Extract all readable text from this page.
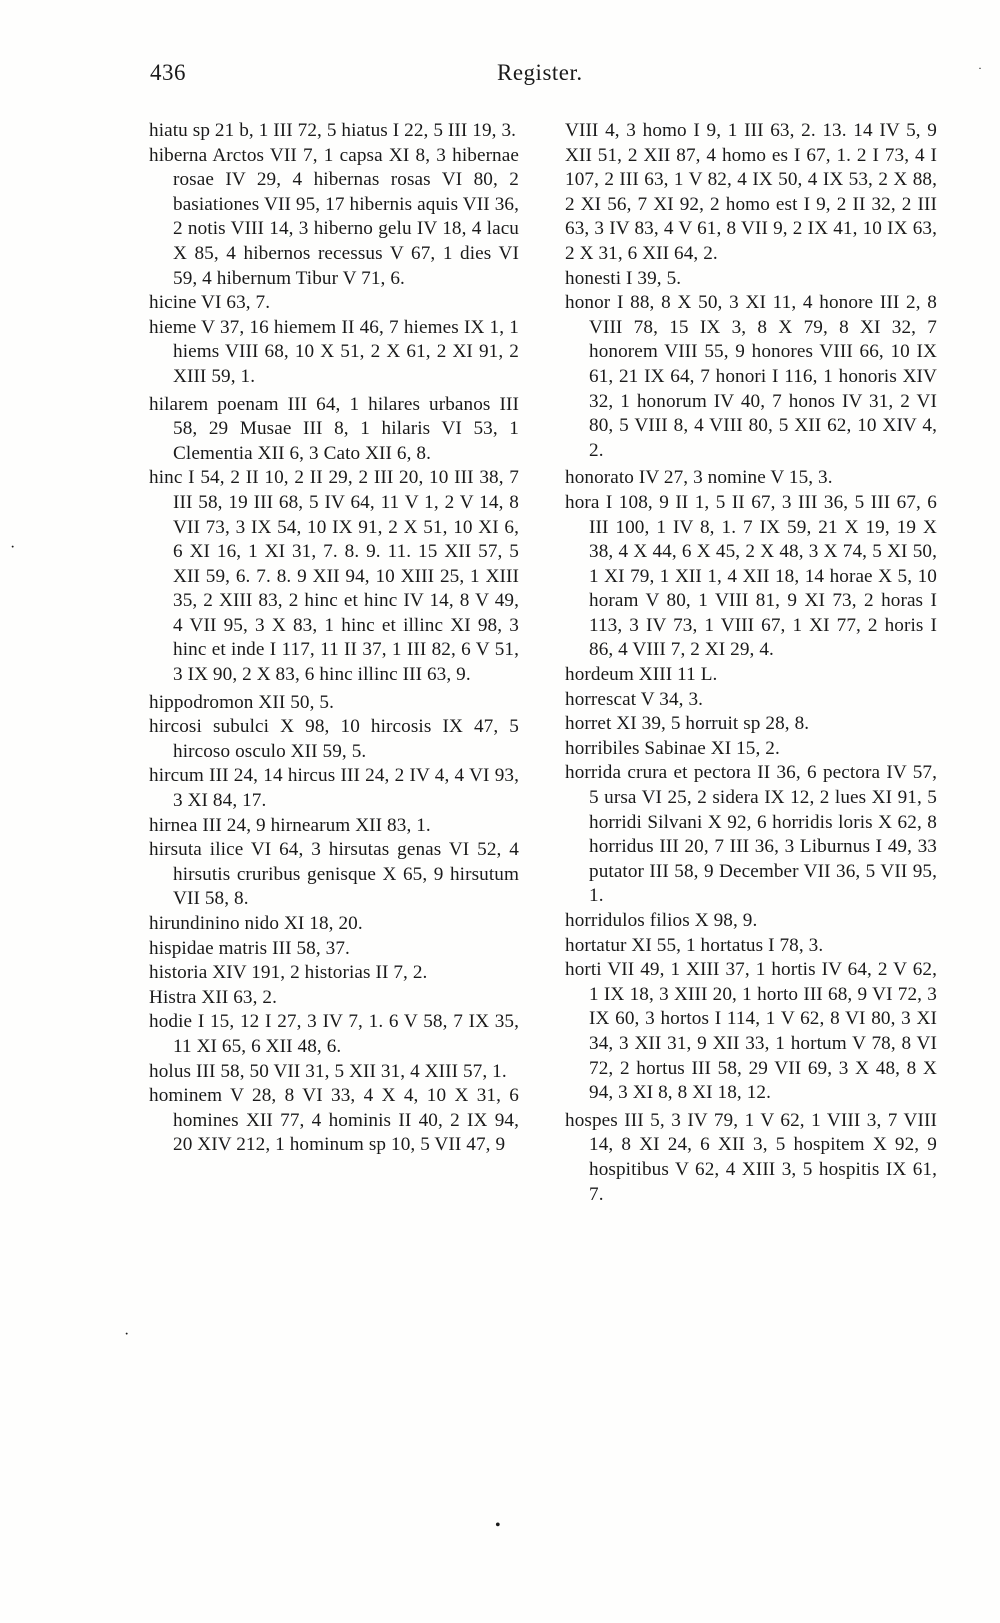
436	Register.
·
·
·

hiatu sp 21 b, 1 III 72, 5 hiatus I 22, 5 III 19, 3.

hiberna Arctos VII 7, 1 capsa XI 8, 3 hibernae rosae IV 29, 4 hibernas rosas VI 80, 2 basiationes VII 95, 17 hibernis aquis VII 36, 2 notis VIII 14, 3 hiberno gelu IV 18, 4 lacu X 85, 4 hibernos recessus V 67, 1 dies VI 59, 4 hibernum Tibur V 71, 6.

hicine VI 63, 7.

hieme V 37, 16 hiemem II 46, 7 hiemes IX 1, 1 hiems VIII 68, 10 X 51, 2 X 61, 2 XI 91, 2 XIII 59, 1.

hilarem poenam III 64, 1 hilares urbanos III 58, 29 Musae III 8, 1 hilaris VI 53, 1 Clementia XII 6, 3 Cato XII 6, 8.

hinc I 54, 2 II 10, 2 II 29, 2 III 20, 10 III 38, 7 III 58, 19 III 68, 5 IV 64, 11 V 1, 2 V 14, 8 VII 73, 3 IX 54, 10 IX 91, 2 X 51, 10 XI 6, 6 XI 16, 1 XI 31, 7. 8. 9. 11. 15 XII 57, 5 XII 59, 6. 7. 8. 9 XII 94, 10 XIII 25, 1 XIII 35, 2 XIII 83, 2 hinc et hinc IV 14, 8 V 49, 4 VII 95, 3 X 83, 1 hinc et illinc XI 98, 3 hinc et inde I 117, 11 II 37, 1 III 82, 6 V 51, 3 IX 90, 2 X 83, 6 hinc illinc III 63, 9.

hippodromon XII 50, 5.

hircosi subulci X 98, 10 hircosis IX 47, 5 hircoso osculo XII 59, 5.

hircum III 24, 14 hircus III 24, 2 IV 4, 4 VI 93, 3 XI 84, 17.

hirnea III 24, 9 hirnearum XII 83, 1.

hirsuta ilice VI 64, 3 hirsutas genas VI 52, 4 hirsutis cruribus genisque X 65, 9 hirsutum VII 58, 8.

hirundinino nido XI 18, 20.

hispidae matris III 58, 37.

historia XIV 191, 2 historias II 7, 2.

Histra XII 63, 2.

hodie I 15, 12 I 27, 3 IV 7, 1. 6 V 58, 7 IX 35, 11 XI 65, 6 XII 48, 6.

holus III 58, 50 VII 31, 5 XII 31, 4 XIII 57, 1.

hominem V 28, 8 VI 33, 4 X 4, 10 X 31, 6 homines XII 77, 4 hominis II 40, 2 IX 94, 20 XIV 212, 1 hominum sp 10, 5 VII 47, 9

VIII 4, 3 homo I 9, 1 III 63, 2. 13. 14 IV 5, 9 XII 51, 2 XII 87, 4 homo es I 67, 1. 2 I 73, 4 I 107, 2 III 63, 1 V 82, 4 IX 50, 4 IX 53, 2 X 88, 2 XI 56, 7 XI 92, 2 homo est I 9, 2 II 32, 2 III 63, 3 IV 83, 4 V 61, 8 VII 9, 2 IX 41, 10 IX 63, 2 X 31, 6 XII 64, 2.

honesti I 39, 5.

honor I 88, 8 X 50, 3 XI 11, 4 honore III 2, 8 VIII 78, 15 IX 3, 8 X 79, 8 XI 32, 7 honorem VIII 55, 9 honores VIII 66, 10 IX 61, 21 IX 64, 7 honori I 116, 1 honoris XIV 32, 1 honorum IV 40, 7 honos IV 31, 2 VI 80, 5 VIII 8, 4 VIII 80, 5 XII 62, 10 XIV 4, 2.

honorato IV 27, 3 nomine V 15, 3.

hora I 108, 9 II 1, 5 II 67, 3 III 36, 5 III 67, 6 III 100, 1 IV 8, 1. 7 IX 59, 21 X 19, 19 X 38, 4 X 44, 6 X 45, 2 X 48, 3 X 74, 5 XI 50, 1 XI 79, 1 XII 1, 4 XII 18, 14 horae X 5, 10 horam V 80, 1 VIII 81, 9 XI 73, 2 horas I 113, 3 IV 73, 1 VIII 67, 1 XI 77, 2 horis I 86, 4 VIII 7, 2 XI 29, 4.

hordeum XIII 11 L.

horrescat V 34, 3.

horret XI 39, 5 horruit sp 28, 8.

horribiles Sabinae XI 15, 2.

horrida crura et pectora II 36, 6 pectora IV 57, 5 ursa VI 25, 2 sidera IX 12, 2 lues XI 91, 5 horridi Silvani X 92, 6 horridis loris X 62, 8 horridus III 20, 7 III 36, 3 Liburnus I 49, 33 putator III 58, 9 December VII 36, 5 VII 95, 1.

horridulos filios X 98, 9.

hortatur XI 55, 1 hortatus I 78, 3.

horti VII 49, 1 XIII 37, 1 hortis IV 64, 2 V 62, 1 IX 18, 3 XIII 20, 1 horto III 68, 9 VI 72, 3 IX 60, 3 hortos I 114, 1 V 62, 8 VI 80, 3 XI 34, 3 XII 31, 9 XII 33, 1 hortum V 78, 8 VI 72, 2 hortus III 58, 29 VII 69, 3 X 48, 8 X 94, 3 XI 8, 8 XI 18, 12.

hospes III 5, 3 IV 79, 1 V 62, 1 VIII 3, 7 VIII 14, 8 XI 24, 6 XII 3, 5 hospitem X 92, 9 hospitibus V 62, 4 XIII 3, 5 hospitis IX 61, 7.

•
